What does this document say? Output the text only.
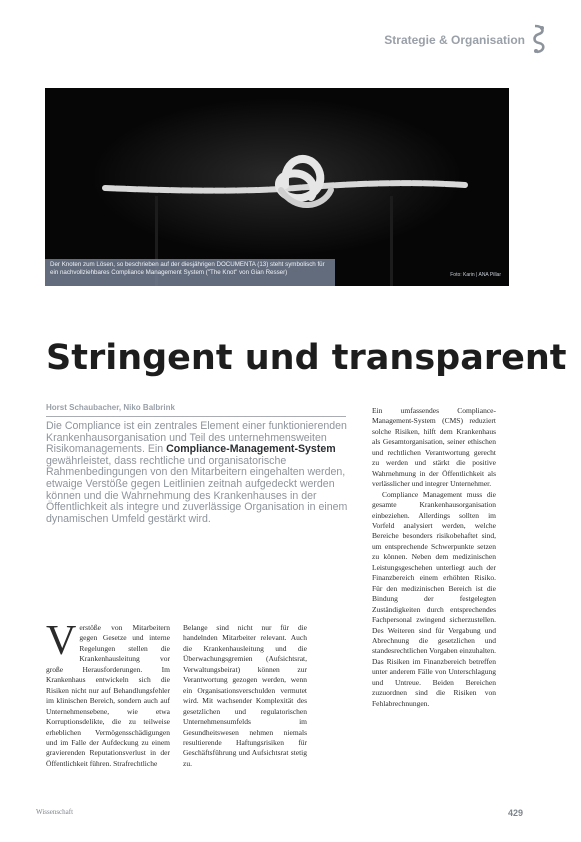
Strategie & Organisation
Der Knoten zum Lösen, so beschrieben auf der diesjährigen DOCUMENTA (13) steht symbolisch für ein nachvollziehbares Compliance Management System ("The Knot" von Gian Resser)	Foto: Karin | ANA Pillar
Stringent und transparent
Horst Schaubacher, Niko Balbrink
Die Compliance ist ein zentrales Element einer funktionierenden Krankenhausorganisation und Teil des unternehmensweiten Risikomanagements. Ein Compliance-Management-System gewährleistet, dass rechtliche und organisatorische Rahmenbedingungen von den Mitarbeitern eingehalten werden, etwaige Verstöße gegen Leitlinien zeitnah aufgedeckt werden können und die Wahrnehmung des Krankenhauses in der Öffentlichkeit als integre und zuverlässige Organisation in einem dynamischen Umfeld gestärkt wird.

Ein umfassendes Compliance-Management-System (CMS) reduziert solche Risiken, hilft dem Krankenhaus als Gesamtorganisation, seiner ethischen und rechtlichen Verantwortung gerecht zu werden und stärkt die positive Wahrnehmung in der Öffentlichkeit als verlässlicher und integrer Unternehmer.

Compliance Management muss die gesamte Krankenhausorganisation einbeziehen. Allerdings sollten im Vorfeld analysiert werden, welche Bereiche besonders risikobehaftet sind, um entsprechende Schwerpunkte setzen zu können. Neben dem medizinischen Leistungsgeschehen unterliegt auch der Finanzbereich einem erhöhten Risiko. Für den medizinischen Bereich ist die Bindung der festgelegten Zuständigkeiten durch entsprechendes Fachpersonal zwingend sicherzustellen. Des Weiteren sind für Vergabung und Abrechnung die gesetzlichen und standesrechtlichen Vorgaben einzuhalten. Das Risiken im Finanzbereich betreffen unter anderem Fälle von Unterschlagung und Untreue. Beiden Bereichen zuzuordnen sind die Risiken von Fehlabrechnungen.

V erstöße von Mitarbeitern gegen Gesetze und interne Regelungen stellen die Krankenhausleitung vor große Herausforderungen. Im Krankenhaus entwickeln sich die Risiken nicht nur auf Behandlungsfehler im klinischen Bereich, sondern auch auf Unternehmensebene, wie etwa Korruptionsdelikte, die zu teilweise erheblichen Vermögensschädigungen und im Falle der Aufdeckung zu einem gravierenden Reputationsverlust in der Öffentlichkeit führen. Strafrechtliche

Belange sind nicht nur für die handelnden Mitarbeiter relevant. Auch die Krankenhausleitung und die Überwachungsgremien (Aufsichtsrat, Verwaltungsbeirat) können zur Verantwortung gezogen werden, wenn ein Organisationsverschulden vermutet wird. Mit wachsender Komplexität des gesetzlichen und regulatorischen Unternehmensumfelds im Gesundheitswesen nehmen niemals resultierende Haftungsrisiken für Geschäftsführung und Aufsichtsrat stetig zu.

Wissenschaft	429
